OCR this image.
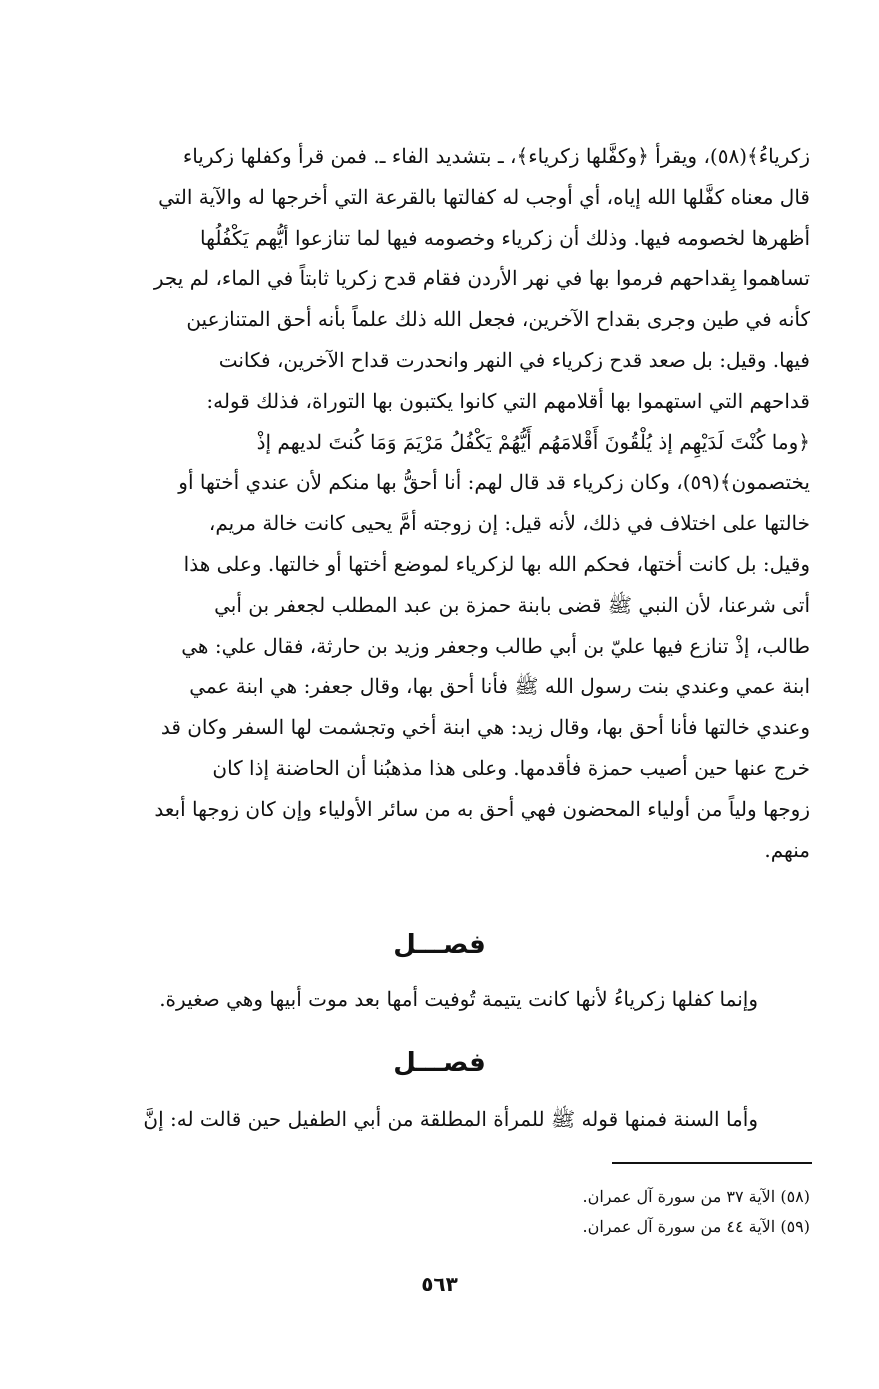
زكرياءُ﴾(٥٨)، ويقرأ ﴿وكفَّلها زكرياء﴾، ـ بتشديد الفاء ـ. فمن قرأ وكفلها زكرياء
قال معناه كفَّلها الله إياه، أي أوجب له كفالتها بالقرعة التي أخرجها له والآية التي
أظهرها لخصومه فيها. وذلك أن زكرياء وخصومه فيها لما تنازعوا أيُّهم يَكْفُلُها
تساهموا بِقداحهم فرموا بها في نهر الأردن فقام قدح زكريا ثابتاً في الماء، لم يجر
كأنه في طين وجرى بقداح الآخرين، فجعل الله ذلك علماً بأنه أحق المتنازعين
فيها. وقيل: بل صعد قدح زكرياء في النهر وانحدرت قداح الآخرين، فكانت
قداحهم التي استهموا بها أقلامهم التي كانوا يكتبون بها التوراة، فذلك قوله:
﴿وما كُنْتَ لَدَيْهِم إذ يُلْقُونَ أَقْلامَهُم أَيُّهُمْ يَكْفُلُ مَرْيَمَ وَمَا كُنتَ لديهم إذْ
يختصمون﴾(٥٩)، وكان زكرياء قد قال لهم: أنا أحقُّ بها منكم لأن عندي أختها أو
خالتها على اختلاف في ذلك، لأنه قيل: إن زوجته أمَّ يحيى كانت خالة مريم،
وقيل: بل كانت أختها، فحكم الله بها لزكرياء لموضع أختها أو خالتها. وعلى هذا
أتى شرعنا، لأن النبي ﷺ قضى بابنة حمزة بن عبد المطلب لجعفر بن أبي
طالب، إذْ تنازع فيها عليّ بن أبي طالب وجعفر وزيد بن حارثة، فقال علي: هي
ابنة عمي وعندي بنت رسول الله ﷺ فأنا أحق بها، وقال جعفر: هي ابنة عمي
وعندي خالتها فأنا أحق بها، وقال زيد: هي ابنة أخي وتجشمت لها السفر وكان قد
خرج عنها حين أصيب حمزة فأقدمها. وعلى هذا مذهبُنا أن الحاضنة إذا كان
زوجها ولياً من أولياء المحضون فهي أحق به من سائر الأولياء وإن كان زوجها أبعد
منهم.
فصـــل
وإنما كفلها زكرياءُ لأنها كانت يتيمة تُوفيت أمها بعد موت أبيها وهي صغيرة.
فصـــل
وأما السنة فمنها قوله ﷺ للمرأة المطلقة من أبي الطفيل حين قالت له: إنَّ
(٥٨) الآية ٣٧ من سورة آل عمران.
(٥٩) الآية ٤٤ من سورة آل عمران.
٥٦٣
